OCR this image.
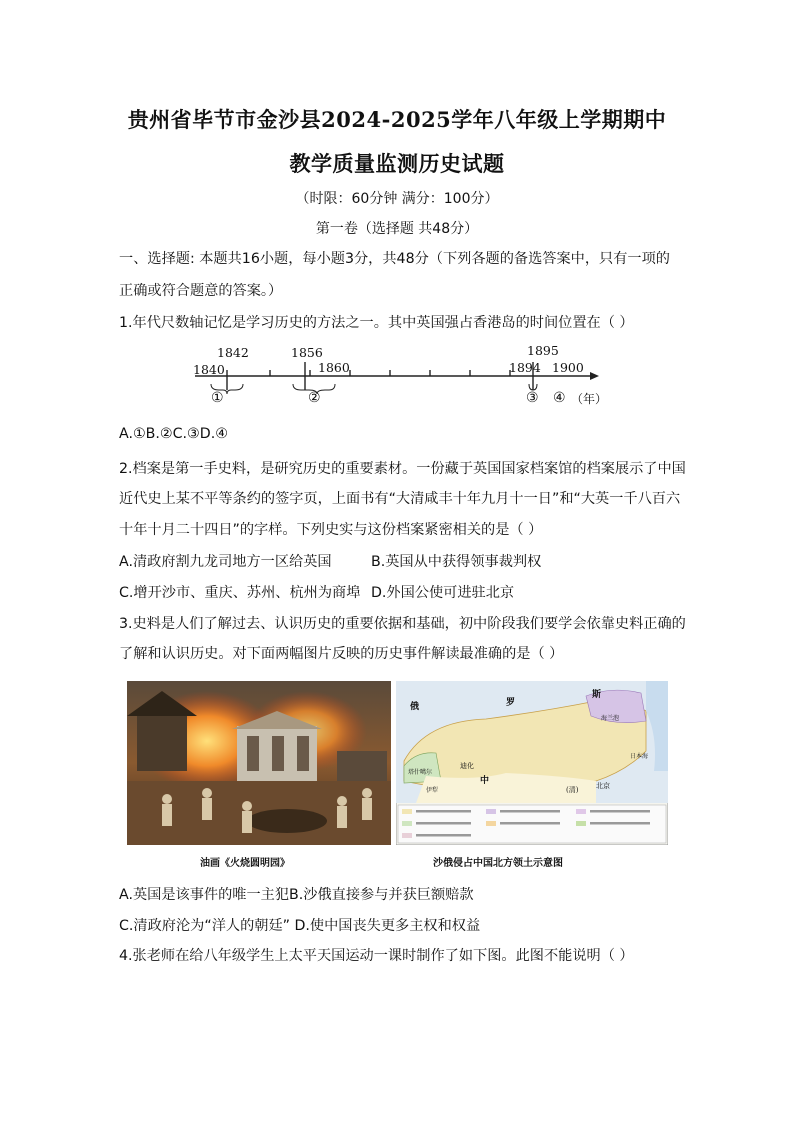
贵州省毕节市金沙县2024-2025学年八年级上学期期中
教学质量监测历史试题
（时限：60分钟 满分：100分）
第一卷（选择题 共48分）
一、选择题: 本题共16小题，每小题3分，共48分（下列各题的备选答案中，只有一项的
正确或符合题意的答案。）
1.年代尺数轴记忆是学习历史的方法之一。其中英国强占香港岛的时间位置在（ ）
1840
1842	1856
1860	1894
1895
1900
①	②	③ ④ （年）
A.①B.②C.③D.④
2.档案是第一手史料，是研究历史的重要素材。一份藏于英国国家档案馆的档案展示了中国
近代史上某不平等条约的签字页，上面书有“大清咸丰十年九月十一日”和“大英一千八百六
十年十月二十四日”的字样。下列史实与这份档案紧密相关的是（ ）
A.清政府割九龙司地方一区给英国	B.英国从中获得领事裁判权
C.增开沙市、重庆、苏州、杭州为商埠 D.外国公使可进驻北京
3.史料是人们了解过去、认识历史的重要依据和基础，初中阶段我们要学会依靠史料正确的
了解和认识历史。对下面两幅图片反映的历史事件解读最准确的是（ ）
俄	罗
斯
中
(清)	北京
迪化
塔什噶尔
海兰泡
日本海
伊犁
油画《火烧圆明园》	沙俄侵占中国北方领土示意图
A.英国是该事件的唯一主犯B.沙俄直接参与并获巨额赔款
C.清政府沦为“洋人的朝廷” D.使中国丧失更多主权和权益
4.张老师在给八年级学生上太平天国运动一课时制作了如下图。此图不能说明（ ）
